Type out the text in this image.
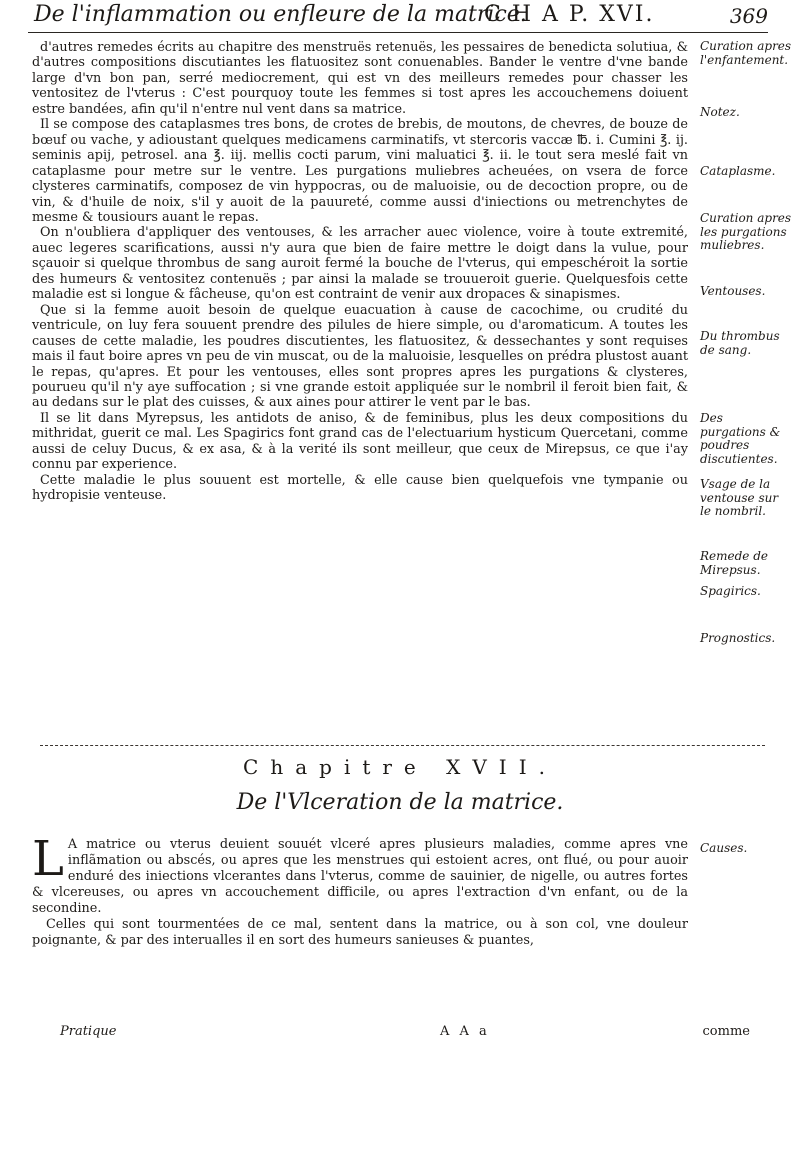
De l'inflammation ou enfleure de la matrice.
C H A P. XVI.	369

d'autres remedes écrits au chapitre des menstruës retenuës, les pessaires de benedicta solutiua, & d'autres compositions discutiantes les flatuositez sont conuenables. Bander le ventre d'vne bande large d'vn bon pan, serré mediocrement, qui est vn des meilleurs remedes pour chasser les ventositez de l'vterus : C'est pourquoy toute les femmes si tost apres les accouchemens doiuent estre bandées, afin qu'il n'entre nul vent dans sa matrice.

Il se compose des cataplasmes tres bons, de crotes de brebis, de moutons, de chevres, de bouze de bœuf ou vache, y adioustant quelques medicamens carminatifs, vt stercoris vaccæ ℔. i. Cumini ℥. ij. seminis apij, petrosel. ana ℥. iij. mellis cocti parum, vini maluatici ℥. ii. le tout sera meslé fait vn cataplasme pour metre sur le ventre. Les purgations muliebres acheuées, on vsera de force clysteres carminatifs, composez de vin hyppocras, ou de maluoisie, ou de decoction propre, ou de vin, & d'huile de noix, s'il y auoit de la pauureté, comme aussi d'iniections ou metrenchytes de mesme & tousiours auant le repas.

On n'oubliera d'appliquer des ventouses, & les arracher auec violence, voire à toute extremité, auec legeres scarifications, aussi n'y aura que bien de faire mettre le doigt dans la vulue, pour sçauoir si quelque thrombus de sang auroit fermé la bouche de l'vterus, qui empeschéroit la sortie des humeurs & ventositez contenuës ; par ainsi la malade se trouueroit guerie. Quelquesfois cette maladie est si longue & fâcheuse, qu'on est contraint de venir aux dropaces & sinapismes.

Que si la femme auoit besoin de quelque euacuation à cause de cacochime, ou crudité du ventricule, on luy fera souuent prendre des pilules de hiere simple, ou d'aromaticum. A toutes les causes de cette maladie, les poudres discutientes, les flatuositez, & dessechantes y sont requises mais il faut boire apres vn peu de vin muscat, ou de la maluoisie, lesquelles on prédra plustost auant le repas, qu'apres. Et pour les ventouses, elles sont propres apres les purgations & clysteres, pourueu qu'il n'y aye suffocation ; si vne grande estoit appliquée sur le nombril il feroit bien fait, & au dedans sur le plat des cuisses, & aux aines pour attirer le vent par le bas.

Il se lit dans Myrepsus, les antidots de aniso, & de feminibus, plus les deux compositions du mithridat, guerit ce mal. Les Spagirics font grand cas de l'electuarium hysticum Quercetani, comme aussi de celuy Ducus, & ex asa, & à la verité ils sont meilleur, que ceux de Mirepsus, ce que i'ay connu par experience.

Cette maladie le plus souuent est mortelle, & elle cause bien quelquefois vne tympanie ou hydropisie venteuse.

Curation apres l'enfantement.
Notez.
Cataplasme.
Curation apres les purgations muliebres.
Ventouses.
Du thrombus de sang.
Des purgations & poudres discutientes.
Vsage de la ventouse sur le nombril.
Remede de Mirepsus.
Spagirics.
Prognostics.
Chapitre XVII.
De l'Vlceration de la matrice.

L A matrice ou vterus deuient souuét vlceré apres plusieurs maladies, comme apres vne inflãmation ou abscés, ou apres que les menstrues qui estoient acres, ont flué, ou pour auoir enduré des iniections vlcerantes dans l'vterus, comme de sauinier, de nigelle, ou autres fortes & vlcereuses, ou apres vn accouchement difficile, ou apres l'extraction d'vn enfant, ou de la secondine.

Celles qui sont tourmentées de ce mal, sentent dans la matrice, ou à son col, vne douleur poignante, & par des interualles il en sort des humeurs sanieuses & puantes,

Causes.
Pratique	A A a	comme
